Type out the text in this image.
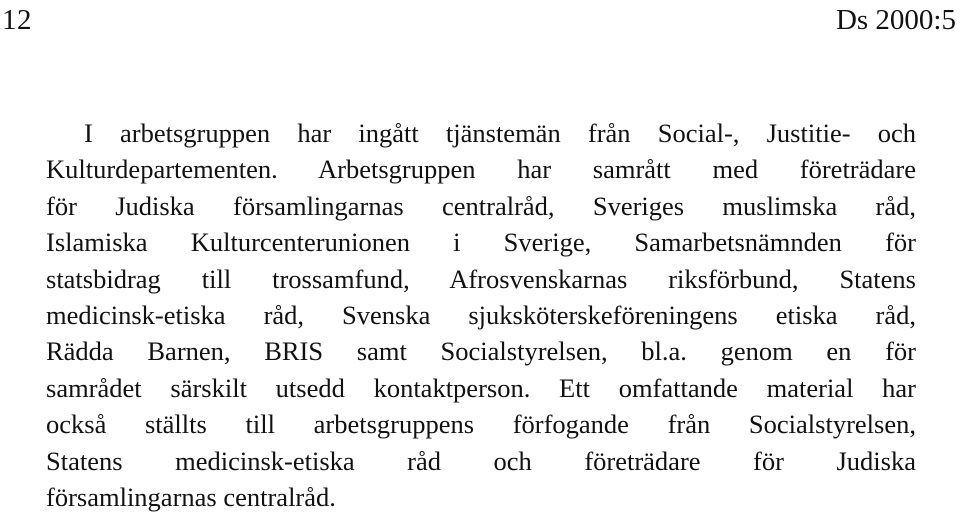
12	Ds 2000:5
I arbetsgruppen har ingått tjänstemän från Social-, Justitie- och
Kulturdepartementen. Arbetsgruppen har samrått med företrädare
för Judiska församlingarnas centralråd, Sveriges muslimska råd,
Islamiska Kulturcenterunionen i Sverige, Samarbetsnämnden för
statsbidrag till trossamfund, Afrosvenskarnas riksförbund, Statens
medicinsk-etiska råd, Svenska sjuksköterskeföreningens etiska råd,
Rädda Barnen, BRIS samt Socialstyrelsen, bl.a. genom en för
samrådet särskilt utsedd kontaktperson. Ett omfattande material har
också ställts till arbetsgruppens förfogande från Socialstyrelsen,
Statens medicinsk-etiska råd och företrädare för Judiska
församlingarnas centralråd.
